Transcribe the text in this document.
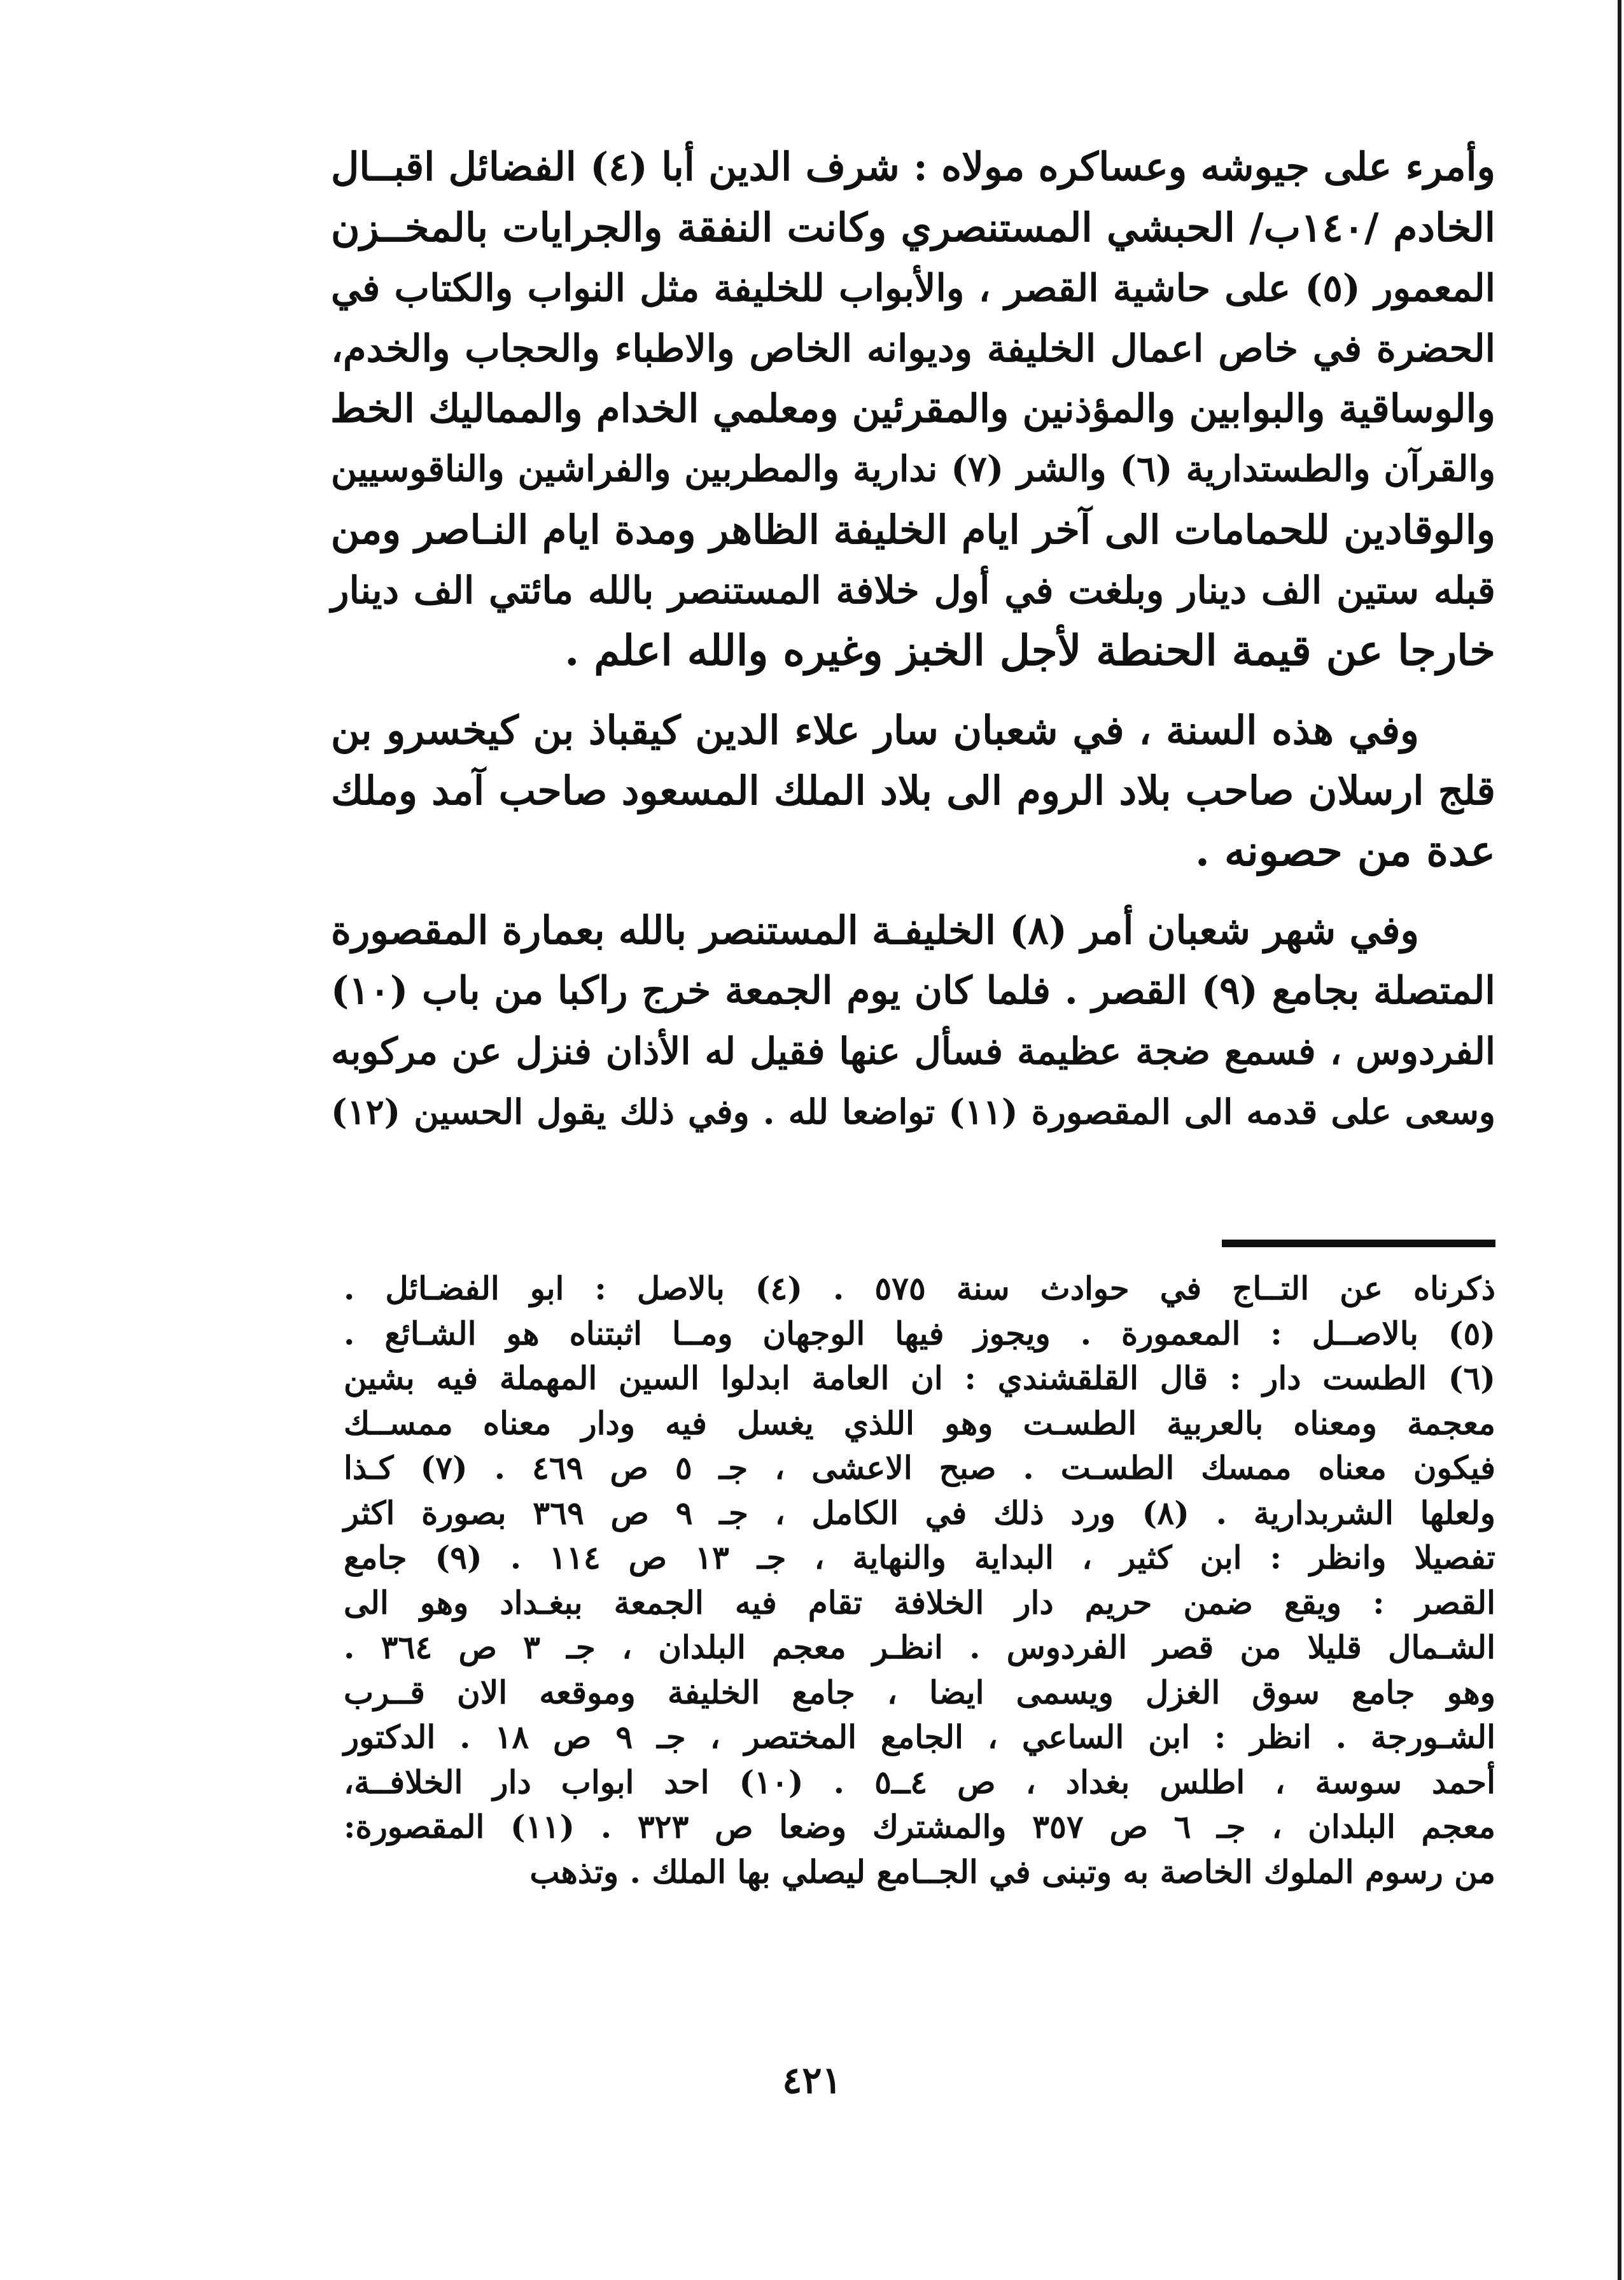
وأمرء على جيوشه وعساكره مولاه : شرف الدين أبا (٤) الفضائل اقبــال
الخادم /١٤٠ب/ الحبشي المستنصري وكانت النفقة والجرايات بالمخــزن
المعمور (٥) على حاشية القصر ، والأبواب للخليفة مثل النواب والكتاب في
الحضرة في خاص اعمال الخليفة وديوانه الخاص والاطباء والحجاب والخدم،
والوساقية والبوابين والمؤذنين والمقرئين ومعلمي الخدام والمماليك الخط
والقرآن والطستدارية (٦) والشر (٧) ندارية والمطربين والفراشين والناقوسيين
والوقادين للحمامات الى آخر ايام الخليفة الظاهر ومدة ايام النـاصر ومن
قبله ستين الف دينار وبلغت في أول خلافة المستنصر بالله مائتي الف دينار
خارجا عن قيمة الحنطة لأجل الخبز وغيره والله اعلم .
وفي هذه السنة ، في شعبان سار علاء الدين كيقباذ بن كيخسرو بن
قلج ارسلان صاحب بلاد الروم الى بلاد الملك المسعود صاحب آمد وملك
عدة من حصونه .
وفي شهر شعبان أمر (٨) الخليفـة المستنصر بالله بعمارة المقصورة
المتصلة بجامع (٩) القصر . فلما كان يوم الجمعة خرج راكبا من باب (١٠)
الفردوس ، فسمع ضجة عظيمة فسأل عنها فقيل له الأذان فنزل عن مركوبه
وسعى على قدمه الى المقصورة (١١) تواضعا لله . وفي ذلك يقول الحسين (١٢)
ذكرناه عن التــاج في حوادث سنة ٥٧٥ . (٤) بالاصل : ابو الفضـائل .
(٥) بالاصــل : المعمورة . ويجوز فيها الوجهان ومــا اثبتناه هو الشـائع .
(٦) الطست دار : قال القلقشندي : ان العامة ابدلوا السين المهملة فيه بشين
معجمة ومعناه بالعربية الطسـت وهو اللذي يغسل فيه ودار معناه ممســك
فيكون معناه ممسك الطسـت . صبح الاعشى ، جـ ٥ ص ٤٦٩ . (٧) كـذا
ولعلها الشربدارية . (٨) ورد ذلك في الكامل ، جـ ٩ ص ٣٦٩ بصورة اكثر
تفصيلا وانظر : ابن كثير ، البداية والنهاية ، جـ ١٣ ص ١١٤ . (٩) جامع
القصر : ويقع ضمن حريم دار الخلافة تقام فيه الجمعة ببغـداد وهو الى
الشـمال قليلا من قصر الفردوس . انظـر معجم البلدان ، جـ ٣ ص ٣٦٤ .
وهو جامع سوق الغزل ويسمى ايضا ، جامع الخليفة وموقعه الان قــرب
الشـورجة . انظر : ابن الساعي ، الجامع المختصر ، جـ ٩ ص ١٨ . الدكتور
أحمد سوسة ، اطلس بغداد ، ص ٤ــ٥ . (١٠) احد ابواب دار الخلافــة،
معجم البلدان ، جـ ٦ ص ٣٥٧ والمشترك وضعا ص ٣٢٣ . (١١) المقصورة:
من رسوم الملوك الخاصة به وتبنى في الجــامع ليصلي بها الملك . وتذهب
٤٢١
